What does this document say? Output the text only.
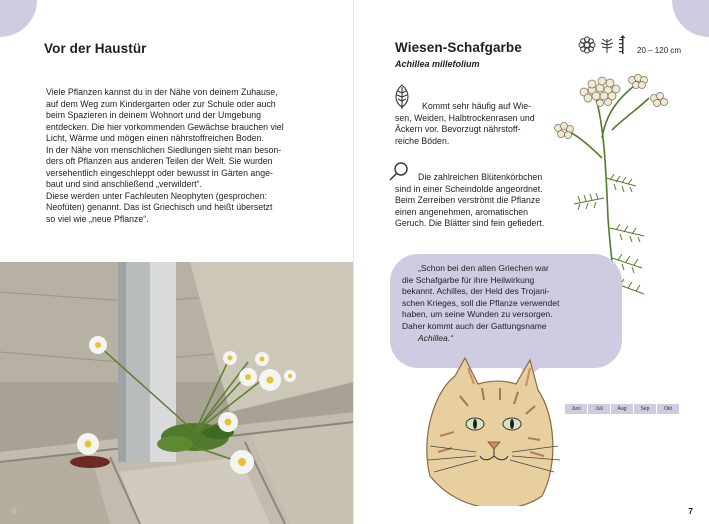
Vor der Haustür
Viele Pflanzen kannst du in der Nähe von deinem Zuhause,
auf dem Weg zum Kindergarten oder zur Schule oder auch
beim Spazieren in deinem Wohnort und der Umgebung
entdecken. Die hier vorkommenden Gewächse brauchen viel
Licht, Wärme und mögen einen nährstoffreichen Boden.
In der Nähe von menschlichen Siedlungen sieht man beson-
ders oft Pflanzen aus anderen Teilen der Welt. Sie wurden
versehentlich eingeschleppt oder bewusst in Gärten ange-
baut und sind anschließend „verwildert“.
Diese werden unter Fachleuten Neophyten (gesprochen:
Neofüten) genannt. Das ist Griechisch und heißt übersetzt
so viel wie „neue Pflanze“.
6
Wiesen-Schafgarbe
Achillea millefolium
20 – 120 cm
Kommt sehr häufig auf Wie-
sen, Weiden, Halbtrockenrasen und
Äckern vor. Bevorzugt nährstoff-
reiche Böden.
Die zahlreichen Blütenkörbchen
sind in einer Scheindolde angeordnet.
Beim Zerreiben verströmt die Pflanze
einen angenehmen, aromatischen
Geruch. Die Blätter sind fein gefiedert.
„Schon bei den alten Griechen war
die Schafgarbe für ihre Heilwirkung
bekannt. Achilles, der Held des Trojani-
schen Krieges, soll die Pflanze verwendet
haben, um seine Wunden zu versorgen.
Daher kommt auch der Gattungsname
Achillea.“
Juni	Juli	Aug	Sep	Okt
7
